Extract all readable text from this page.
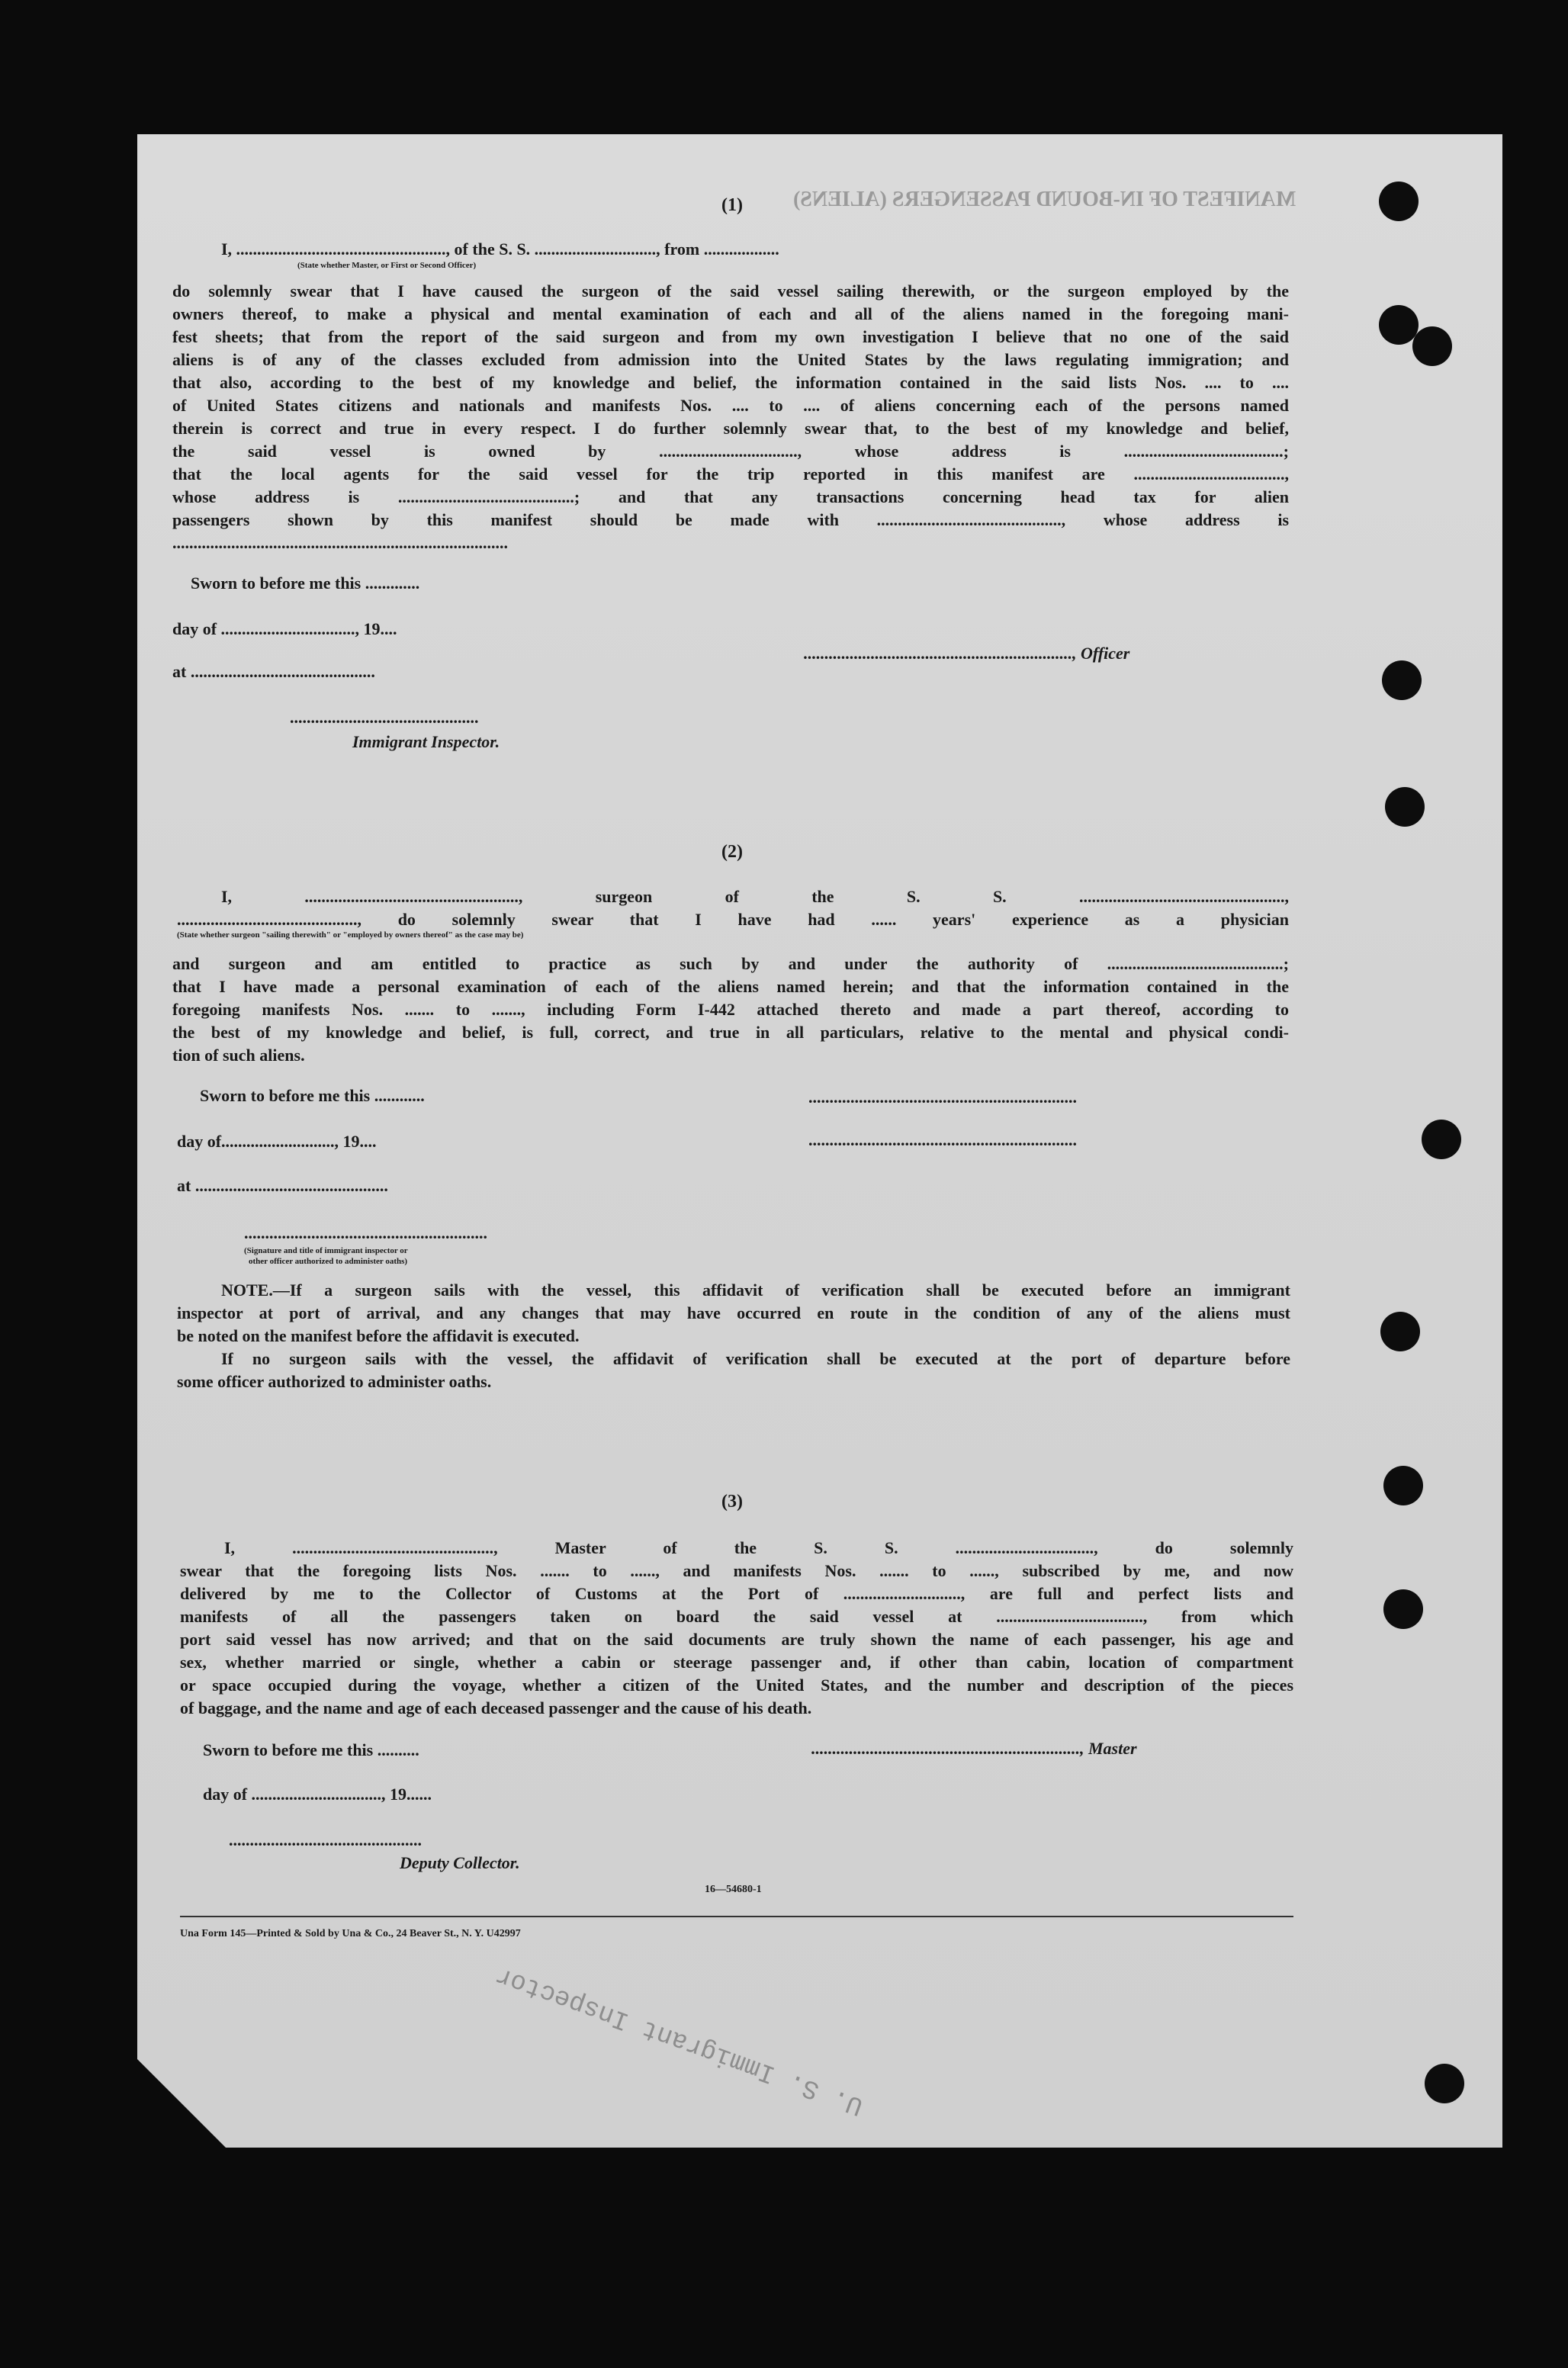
MANIFEST OF IN-BOUND PASSENGERS (ALIENS)
(1)
I, .................................................., of the S. S. ............................., from ..................
(State whether Master, or First or Second Officer)
do solemnly swear that I have caused the surgeon of the said vessel sailing therewith, or the surgeon employed by the
owners thereof, to make a physical and mental examination of each and all of the aliens named in the foregoing mani-
fest sheets; that from the report of the said surgeon and from my own investigation I believe that no one of the said
aliens is of any of the classes excluded from admission into the United States by the laws regulating immigration; and
that also, according to the best of my knowledge and belief, the information contained in the said lists Nos. .... to ....
of United States citizens and nationals and manifests Nos. .... to .... of aliens concerning each of the persons named
therein is correct and true in every respect. I do further solemnly swear that, to the best of my knowledge and belief,
the said vessel is owned by ................................., whose address is ......................................;
that the local agents for the said vessel for the trip reported in this manifest are ....................................,
whose address is ..........................................; and that any transactions concerning head tax for alien
passengers shown by this manifest should be made with ............................................, whose address is
................................................................................
Sworn to before me this .............
day of ................................, 19....
at ............................................
................................................................, Officer
.............................................
Immigrant Inspector.
(2)
I, ..................................................., surgeon of the S. S. .................................................,
..........................................., do solemnly swear that I have had ...... years' experience as a physician
(State whether surgeon "sailing therewith" or "employed by owners thereof" as the case may be)
and surgeon and am entitled to practice as such by and under the authority of ..........................................;
that I have made a personal examination of each of the aliens named herein; and that the information contained in the
foregoing manifests Nos. ....... to ......., including Form I-442 attached thereto and made a part thereof, according to
the best of my knowledge and belief, is full, correct, and true in all particulars, relative to the mental and physical condi-
tion of such aliens.
Sworn to before me this ............
day of..........................., 19....
at ..............................................
................................................................
................................................................
..........................................................
(Signature and title of immigrant inspector or
other officer authorized to administer oaths)
NOTE.—If a surgeon sails with the vessel, this affidavit of verification shall be executed before an immigrant
inspector at port of arrival, and any changes that may have occurred en route in the condition of any of the aliens must
be noted on the manifest before the affidavit is executed.
If no surgeon sails with the vessel, the affidavit of verification shall be executed at the port of departure before
some officer authorized to administer oaths.
(3)
I, ................................................, Master of the S. S. ................................., do solemnly
swear that the foregoing lists Nos. ....... to ......, and manifests Nos. ....... to ......, subscribed by me, and now
delivered by me to the Collector of Customs at the Port of ............................, are full and perfect lists and
manifests of all the passengers taken on board the said vessel at ..................................., from which
port said vessel has now arrived; and that on the said documents are truly shown the name of each passenger, his age and
sex, whether married or single, whether a cabin or steerage passenger and, if other than cabin, location of compartment
or space occupied during the voyage, whether a citizen of the United States, and the number and description of the pieces
of baggage, and the name and age of each deceased passenger and the cause of his death.
Sworn to before me this ..........
day of ..............................., 19......
................................................................, Master
..............................................
Deputy Collector.
16—54680-1
Una Form 145—Printed & Sold by Una & Co., 24 Beaver St., N. Y. U42997
U. S. Immigrant Inspector
